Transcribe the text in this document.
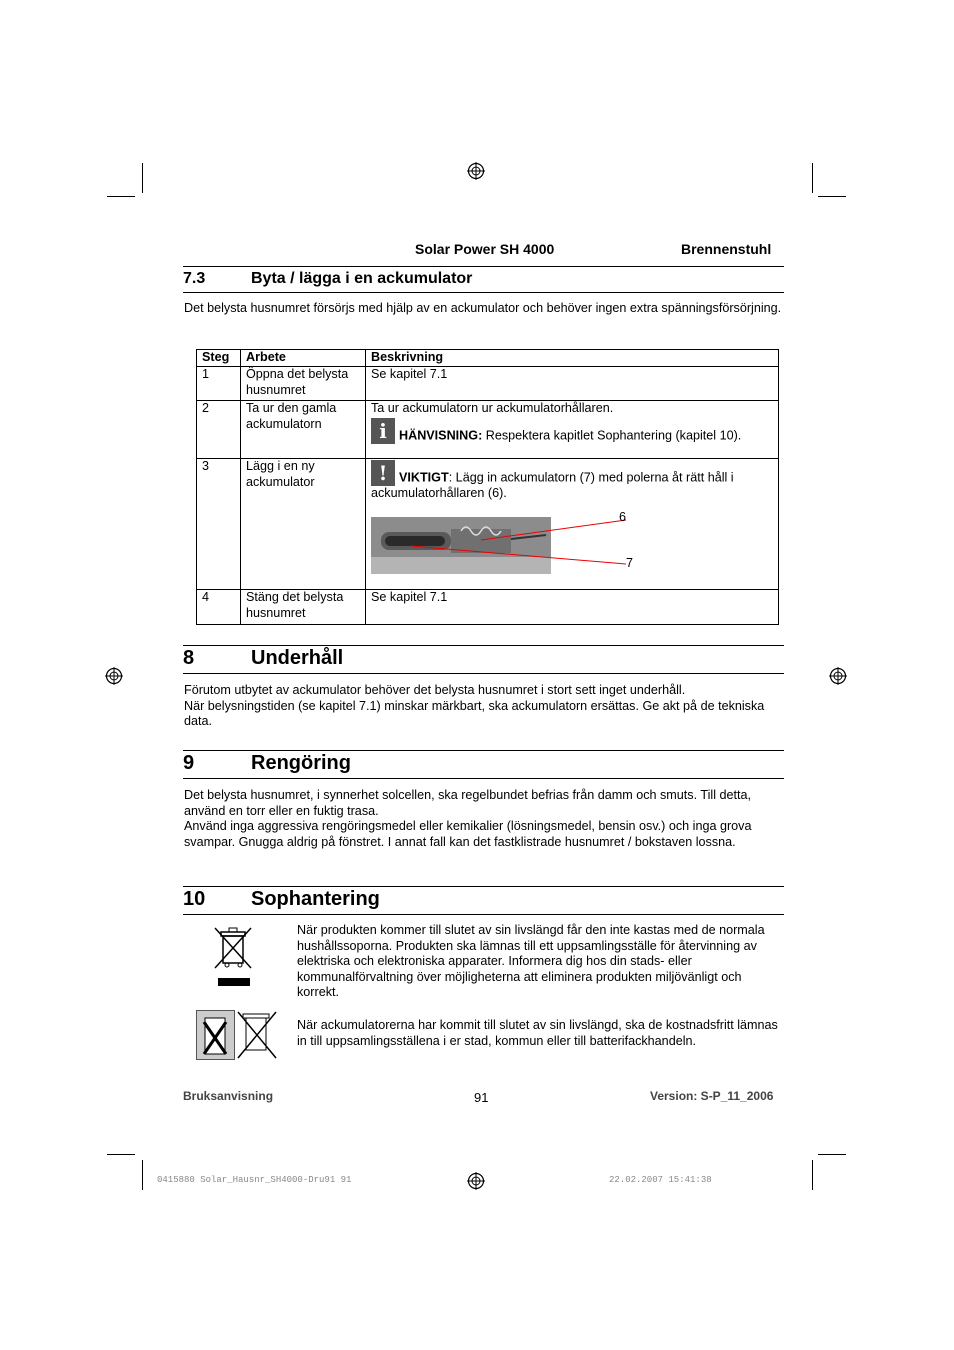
Solar Power SH 4000	Brennenstuhl
7.3	Byta / lägga i en ackumulator
Det belysta husnumret försörjs med hjälp av en ackumulator och behöver ingen extra spänningsförsörjning.
Steg	Arbete	Beskrivning
1	Öppna det belysta husnumret	Se kapitel 7.1
2	Ta ur den gamla ackumulatorn	Ta ur ackumulatorn ur ackumulatorhållaren.
i HÄNVISNING: Respektera kapitlet Sophantering (kapitel 10).

3	Lägg i en ny ackumulator	! VIKTIGT: Lägg in ackumulatorn (7) med polerna åt rätt håll i ackumulatorhållaren (6).
6
7

4	Stäng det belysta husnumret	Se kapitel 7.1
8	Underhåll
Förutom utbytet av ackumulator behöver det belysta husnumret i stort sett inget underhåll.
När belysningstiden (se kapitel 7.1) minskar märkbart, ska ackumulatorn ersättas. Ge akt på de tekniska data.
9	Rengöring
Det belysta husnumret, i synnerhet solcellen, ska regelbundet befrias från damm och smuts. Till detta, använd en torr eller en fuktig trasa.
Använd inga aggressiva rengöringsmedel eller kemikalier (lösningsmedel, bensin osv.) och inga grova svampar. Gnugga aldrig på fönstret. I annat fall kan det fastklistrade husnumret / bokstaven lossna.
10 Sophantering
När produkten kommer till slutet av sin livslängd får den inte kastas med de normala hushållssoporna. Produkten ska lämnas till ett uppsamlingsställe för återvinning av elektriska och elektroniska apparater. Informera dig hos din stads- eller kommunalförvaltning över möjligheterna att eliminera produkten miljövänligt och korrekt.
När ackumulatorerna har kommit till slutet av sin livslängd, ska de kostnadsfritt lämnas in till uppsamlingsställena i er stad, kommun eller till batterifackhandeln.
Bruksanvisning	91	Version: S-P_11_2006
0415880 Solar_Hausnr_SH4000-Dru91 91	22.02.2007 15:41:38
